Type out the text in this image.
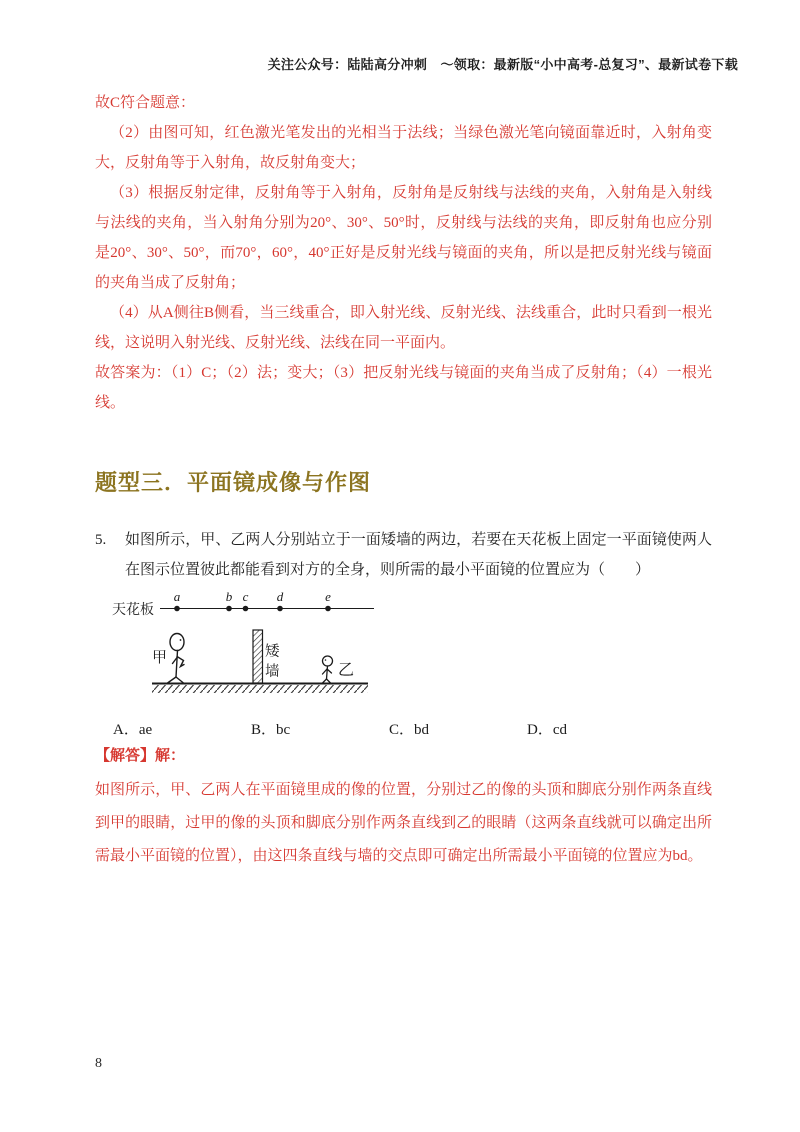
关注公众号：陆陆高分冲刺　～领取：最新版“小中高考-总复习”、最新试卷下载

故C符合题意：

（2）由图可知，红色激光笔发出的光相当于法线；当绿色激光笔向镜面靠近时，入射角变大，反射角等于入射角，故反射角变大；

（3）根据反射定律，反射角等于入射角，反射角是反射线与法线的夹角，入射角是入射线与法线的夹角，当入射角分别为20°、30°、50°时，反射线与法线的夹角，即反射角也应分别是20°、30°、50°，而70°，60°，40°正好是反射光线与镜面的夹角，所以是把反射光线与镜面的夹角当成了反射角；

（4）从A侧往B侧看，当三线重合，即入射光线、反射光线、法线重合，此时只看到一根光线，这说明入射光线、反射光线、法线在同一平面内。

故答案为：（1）C；（2）法；变大；（3）把反射光线与镜面的夹角当成了反射角；（4）一根光线。

题型三．平面镜成像与作图
5.	如图所示，甲、乙两人分别站立于一面矮墙的两边，若要在天花板上固定一平面镜使两人在图示位置彼此都能看到对方的全身，则所需的最小平面镜的位置应为（　　）
天花板
a	b c d	e
甲	矮
墙	乙
A．ae	B．bc	C．bd	D．cd
【解答】解：
如图所示，甲、乙两人在平面镜里成的像的位置，分别过乙的像的头顶和脚底分别作两条直线到甲的眼睛，过甲的像的头顶和脚底分别作两条直线到乙的眼睛（这两条直线就可以确定出所需最小平面镜的位置），由这四条直线与墙的交点即可确定出所需最小平面镜的位置应为bd。
8
